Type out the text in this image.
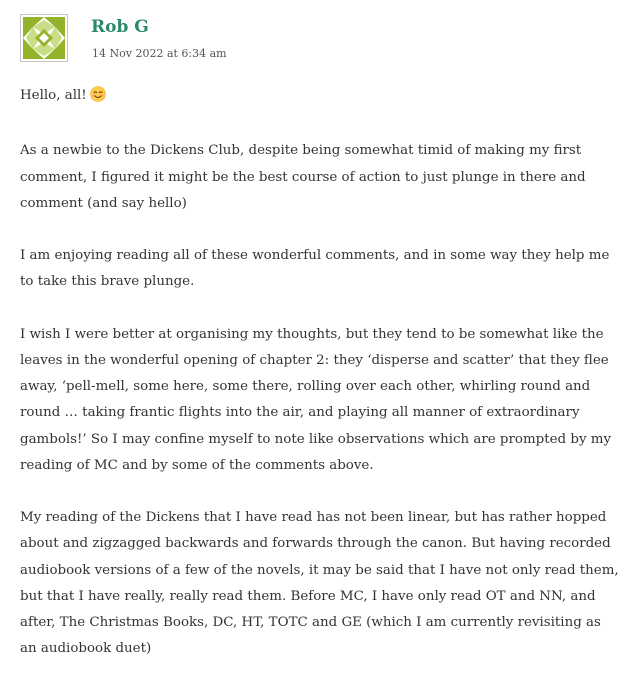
Rob G
14 Nov 2022 at 6:34 am

Hello, all!

As a newbie to the Dickens Club, despite being somewhat timid of making my first comment, I figured it might be the best course of action to just plunge in there and comment (and say hello)

I am enjoying reading all of these wonderful comments, and in some way they help me to take this brave plunge.

I wish I were better at organising my thoughts, but they tend to be somewhat like the leaves in the wonderful opening of chapter 2: they ‘disperse and scatter’ that they flee away, ‘pell-mell, some here, some there, rolling over each other, whirling round and round … taking frantic flights into the air, and playing all manner of extraordinary gambols!’ So I may confine myself to note like observations which are prompted by my reading of MC and by some of the comments above.

My reading of the Dickens that I have read has not been linear, but has rather hopped about and zigzagged backwards and forwards through the canon. But having recorded audiobook versions of a few of the novels, it may be said that I have not only read them, but that I have really, really read them. Before MC, I have only read OT and NN, and after, The Christmas Books, DC, HT, TOTC and GE (which I am currently revisiting as an audiobook duet)
